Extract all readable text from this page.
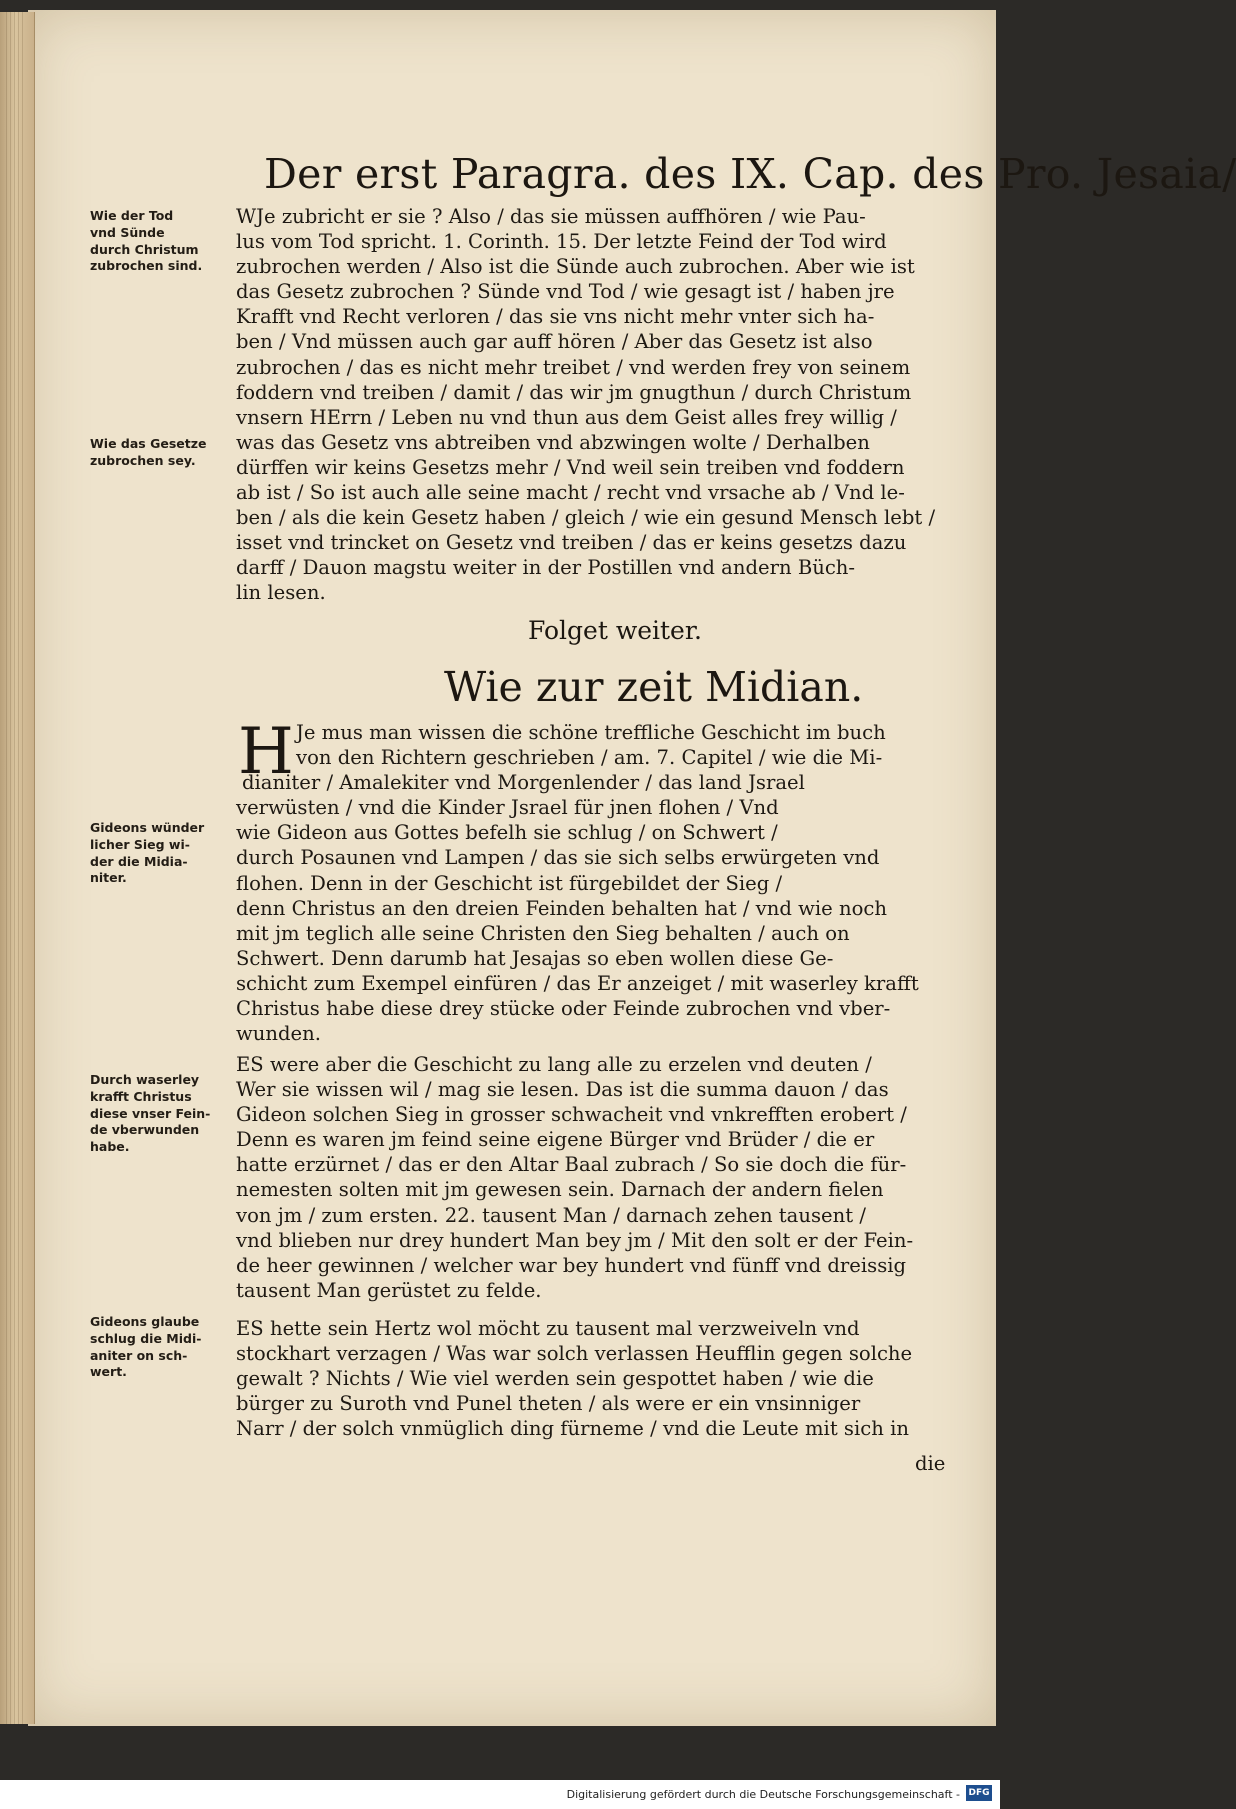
Der erst Paragra. des IX. Cap. des Pro. Jesaia/
Wie der Tod
vnd Sünde
durch Christum
zubrochen sind.
Wie das Gesetze
zubrochen sey.
Gideons wünder
licher Sieg wi-
der die Midia-
niter.
Durch waserley
krafft Christus
diese vnser Fein-
de vberwunden
habe.
Gideons glaube
schlug die Midi-
aniter on sch-
wert.
WJe zubricht er sie ? Also / das sie müssen auffhören / wie Pau-
lus vom Tod spricht. 1. Corinth. 15. Der letzte Feind der Tod wird
zubrochen werden / Also ist die Sünde auch zubrochen. Aber wie ist
das Gesetz zubrochen ? Sünde vnd Tod / wie gesagt ist / haben jre
Krafft vnd Recht verloren / das sie vns nicht mehr vnter sich ha-
ben / Vnd müssen auch gar auff hören / Aber das Gesetz ist also
zubrochen / das es nicht mehr treibet / vnd werden frey von seinem
foddern vnd treiben / damit / das wir jm gnugthun / durch Christum
vnsern HErrn / Leben nu vnd thun aus dem Geist alles frey willig /
was das Gesetz vns abtreiben vnd abzwingen wolte / Derhalben
dürffen wir keins Gesetzs mehr / Vnd weil sein treiben vnd foddern
ab ist / So ist auch alle seine macht / recht vnd vrsache ab / Vnd le-
ben / als die kein Gesetz haben / gleich / wie ein gesund Mensch lebt /
isset vnd trincket on Gesetz vnd treiben / das er keins gesetzs dazu
darff / Dauon magstu weiter in der Postillen vnd andern Büch-
lin lesen.
Folget weiter.
Wie zur zeit Midian.
H Je mus man wissen die schöne treffliche Geschicht im buch
von den Richtern geschrieben / am. 7. Capitel / wie die Mi-
dianiter / Amalekiter vnd Morgenlender / das land Jsrael
verwüsten / vnd die Kinder Jsrael für jnen flohen / Vnd
wie Gideon aus Gottes befelh sie schlug / on Schwert /
durch Posaunen vnd Lampen / das sie sich selbs erwürgeten vnd
flohen. Denn in der Geschicht ist fürgebildet der Sieg /
denn Christus an den dreien Feinden behalten hat / vnd wie noch
mit jm teglich alle seine Christen den Sieg behalten / auch on
Schwert. Denn darumb hat Jesajas so eben wollen diese Ge-
schicht zum Exempel einfüren / das Er anzeiget / mit waserley krafft
Christus habe diese drey stücke oder Feinde zubrochen vnd vber-
wunden.
ES were aber die Geschicht zu lang alle zu erzelen vnd deuten /
Wer sie wissen wil / mag sie lesen. Das ist die summa dauon / das
Gideon solchen Sieg in grosser schwacheit vnd vnkrefften erobert /
Denn es waren jm feind seine eigene Bürger vnd Brüder / die er
hatte erzürnet / das er den Altar Baal zubrach / So sie doch die für-
nemesten solten mit jm gewesen sein. Darnach der andern fielen
von jm / zum ersten. 22. tausent Man / darnach zehen tausent /
vnd blieben nur drey hundert Man bey jm / Mit den solt er der Fein-
de heer gewinnen / welcher war bey hundert vnd fünff vnd dreissig
tausent Man gerüstet zu felde.
ES hette sein Hertz wol möcht zu tausent mal verzweiveln vnd
stockhart verzagen / Was war solch verlassen Heufflin gegen solche
gewalt ? Nichts / Wie viel werden sein gespottet haben / wie die
bürger zu Suroth vnd Punel theten / als were er ein vnsinniger
Narr / der solch vnmüglich ding fürneme / vnd die Leute mit sich in
die
Digitalisierung gefördert durch die Deutsche Forschungsgemeinschaft - DFG
